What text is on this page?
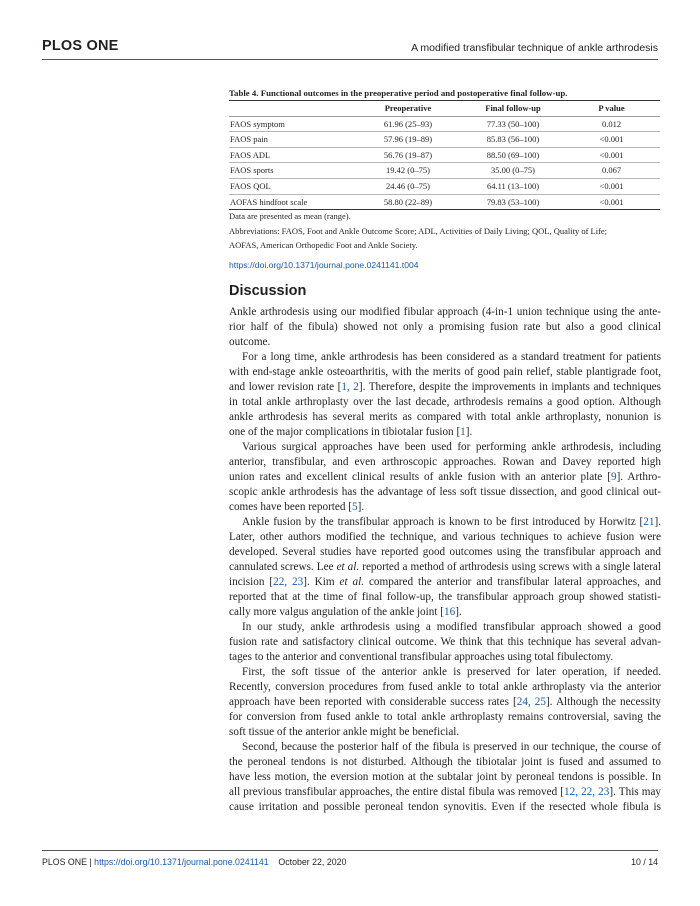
PLOS ONE	A modified transfibular technique of ankle arthrodesis
Table 4. Functional outcomes in the preoperative period and postoperative final follow-up.
	Preoperative	Final follow-up	P value
FAOS symptom	61.96 (25–93)	77.33 (50–100)	0.012
FAOS pain	57.96 (19–89)	85.83 (56–100)	<0.001
FAOS ADL	56.76 (19–87)	88.50 (69–100)	<0.001
FAOS sports	19.42 (0–75)	35.00 (0–75)	0.067
FAOS QOL	24.46 (0–75)	64.11 (13–100)	<0.001
AOFAS hindfoot scale	58.80 (22–89)	79.83 (53–100)	<0.001

Data are presented as mean (range).

Abbreviations: FAOS, Foot and Ankle Outcome Score; ADL, Activities of Daily Living; QOL, Quality of Life;

AOFAS, American Orthopedic Foot and Ankle Society.

https://doi.org/10.1371/journal.pone.0241141.t004
Discussion
Ankle arthrodesis using our modified fibular approach (4-in-1 union technique using the ante-
rior half of the fibula) showed not only a promising fusion rate but also a good clinical
outcome.
For a long time, ankle arthrodesis has been considered as a standard treatment for patients
with end-stage ankle osteoarthritis, with the merits of good pain relief, stable plantigrade foot,
and lower revision rate [1, 2]. Therefore, despite the improvements in implants and techniques
in total ankle arthroplasty over the last decade, arthrodesis remains a good option. Although
ankle arthrodesis has several merits as compared with total ankle arthroplasty, nonunion is
one of the major complications in tibiotalar fusion [1].
Various surgical approaches have been used for performing ankle arthrodesis, including
anterior, transfibular, and even arthroscopic approaches. Rowan and Davey reported high
union rates and excellent clinical results of ankle fusion with an anterior plate [9]. Arthro-
scopic ankle arthrodesis has the advantage of less soft tissue dissection, and good clinical out-
comes have been reported [5].
Ankle fusion by the transfibular approach is known to be first introduced by Horwitz [21].
Later, other authors modified the technique, and various techniques to achieve fusion were
developed. Several studies have reported good outcomes using the transfibular approach and
cannulated screws. Lee et al. reported a method of arthrodesis using screws with a single lateral
incision [22, 23]. Kim et al. compared the anterior and transfibular lateral approaches, and
reported that at the time of final follow-up, the transfibular approach group showed statisti-
cally more valgus angulation of the ankle joint [16].
In our study, ankle arthrodesis using a modified transfibular approach showed a good
fusion rate and satisfactory clinical outcome. We think that this technique has several advan-
tages to the anterior and conventional transfibular approaches using total fibulectomy.
First, the soft tissue of the anterior ankle is preserved for later operation, if needed.
Recently, conversion procedures from fused ankle to total ankle arthroplasty via the anterior
approach have been reported with considerable success rates [24, 25]. Although the necessity
for conversion from fused ankle to total ankle arthroplasty remains controversial, saving the
soft tissue of the anterior ankle might be beneficial.
Second, because the posterior half of the fibula is preserved in our technique, the course of
the peroneal tendons is not disturbed. Although the tibiotalar joint is fused and assumed to
have less motion, the eversion motion at the subtalar joint by peroneal tendons is possible. In
all previous transfibular approaches, the entire distal fibula was removed [12, 22, 23]. This may
cause irritation and possible peroneal tendon synovitis. Even if the resected whole fibula is
PLOS ONE | https://doi.org/10.1371/journal.pone.0241141 October 22, 2020	10 / 14
